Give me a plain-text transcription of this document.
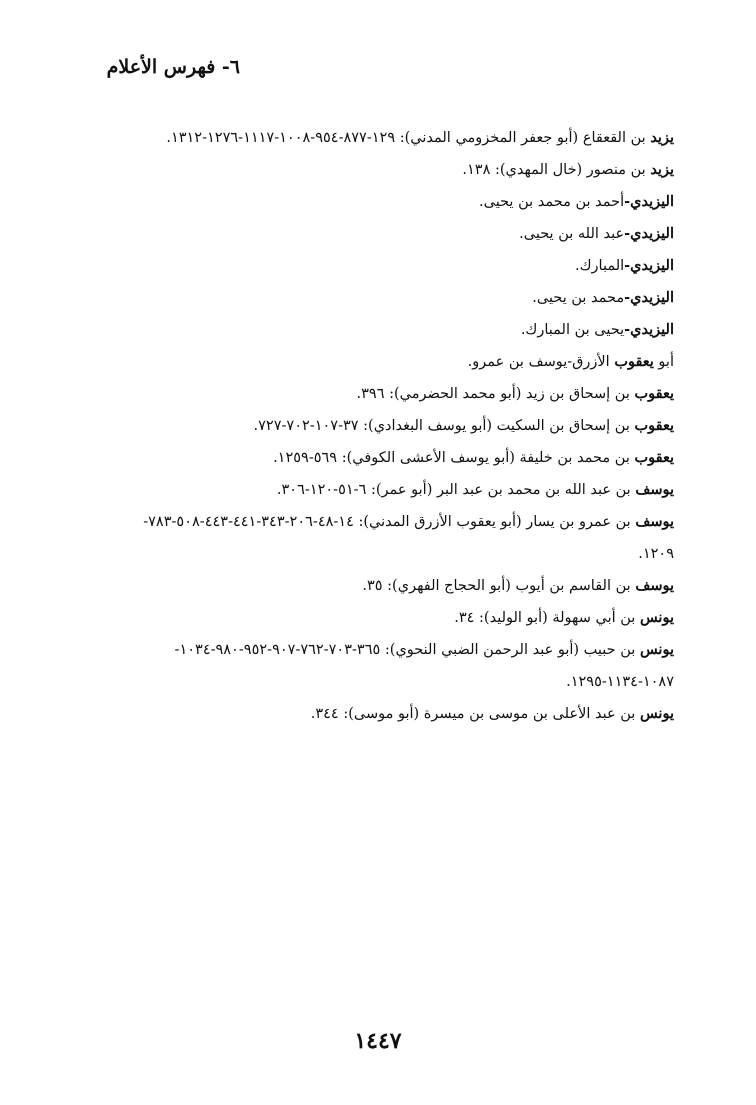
٦- فهرس الأعلام
يزيد بن القعقاع (أبو جعفر المخزومي المدني): ١٢٩-٨٧٧-٩٥٤-١٠٠٨-١١١٧-١٢٧٦-١٣١٢.
يزيد بن منصور (خال المهدي): ١٣٨.
اليزيدي-أحمد بن محمد بن يحيى.
اليزيدي-عبد الله بن يحيى.
اليزيدي-المبارك.
اليزيدي-محمد بن يحيى.
اليزيدي-يحيى بن المبارك.
أبو يعقوب الأزرق-يوسف بن عمرو.
يعقوب بن إسحاق بن زيد (أبو محمد الحضرمي): ٣٩٦.
يعقوب بن إسحاق بن السكيت (أبو يوسف البغدادي): ٣٧-١٠٧-٧٠٢-٧٢٧.
يعقوب بن محمد بن خليفة (أبو يوسف الأعشى الكوفي): ٥٦٩-١٢٥٩.
يوسف بن عبد الله بن محمد بن عبد البر (أبو عمر): ٦-٥١-١٢٠-٣٠٦.
يوسف بن عمرو بن يسار (أبو يعقوب الأزرق المدني): ١٤-٤٨-٢٠٦-٣٤٣-٤٤١-٤٤٣-٥٠٨-٧٨٣-
١٢٠٩.
يوسف بن القاسم بن أيوب (أبو الحجاج الفهري): ٣٥.
يونس بن أبي سهولة (أبو الوليد): ٣٤.
يونس بن حبيب (أبو عبد الرحمن الضبي النحوي): ٣٦٥-٧٠٣-٧٦٢-٩٠٧-٩٥٢-٩٨٠-١٠٣٤-
١٠٨٧-١١٣٤-١٢٩٥.
يونس بن عبد الأعلى بن موسى بن ميسرة (أبو موسى): ٣٤٤.
١٤٤٧
